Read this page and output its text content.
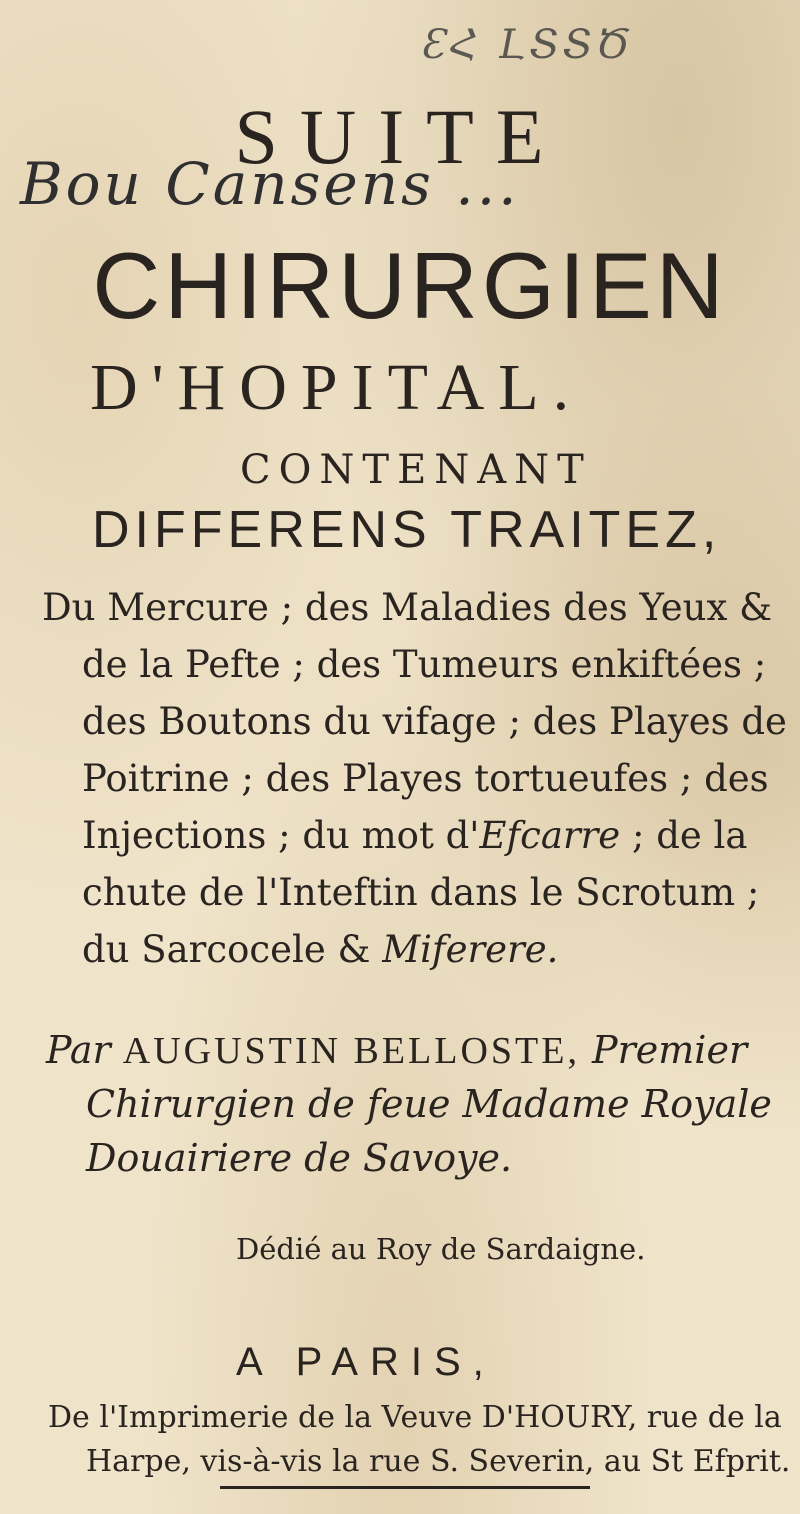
ԐՀ ԼՏՏԾ
SUITE
Bou Cansens ...
CHIRURGIEN
D'HOPITAL.
CONTENANT
DIFFERENS TRAITEZ,
Du Mercure ; des Maladies des Yeux &
de la Pefte ; des Tumeurs enkiftées ;
des Boutons du vifage ; des Playes de
Poitrine ; des Playes tortueufes ; des
Injections ; du mot d'Efcarre ; de la
chute de l'Inteftin dans le Scrotum ;
du Sarcocele & Miferere.
Par AUGUSTIN BELLOSTE, Premier
Chirurgien de feue Madame Royale
Douairiere de Savoye.
Dédié au Roy de Sardaigne.
A PARIS,
De l'Imprimerie de la Veuve D'HOURY, rue de la
Harpe, vis-à-vis la rue S. Severin, au St Efprit.
